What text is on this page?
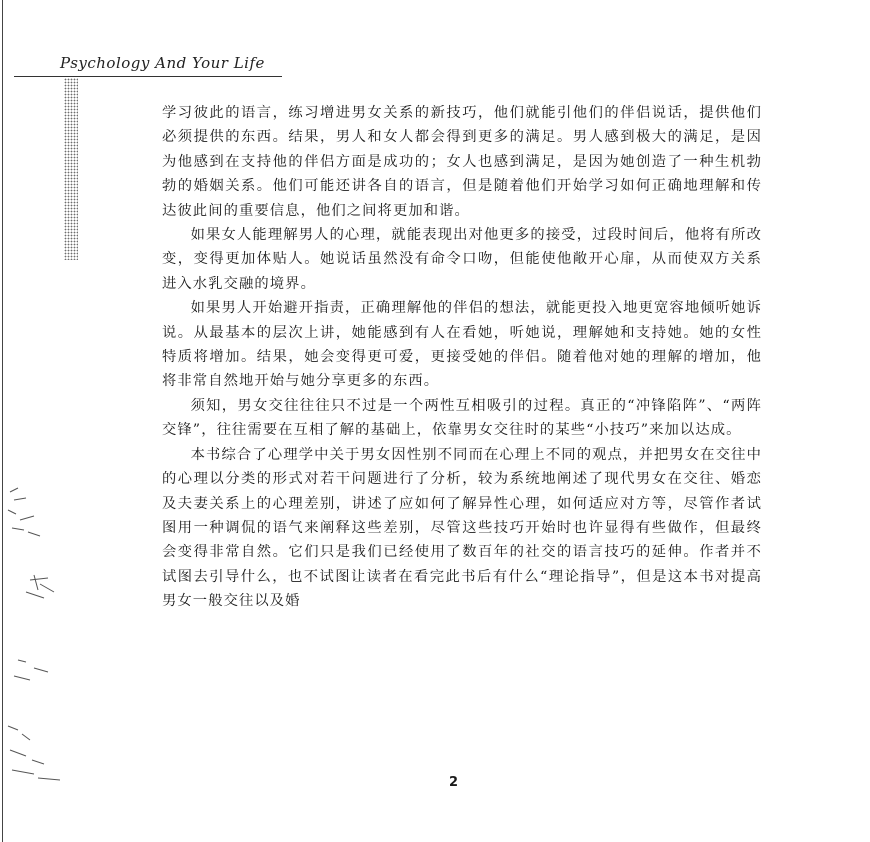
Psychology And Your Life

学习彼此的语言，练习增进男女关系的新技巧，他们就能引他们的伴侣说话，提供他们必须提供的东西。结果，男人和女人都会得到更多的满足。男人感到极大的满足，是因为他感到在支持他的伴侣方面是成功的；女人也感到满足，是因为她创造了一种生机勃勃的婚姻关系。他们可能还讲各自的语言，但是随着他们开始学习如何正确地理解和传达彼此间的重要信息，他们之间将更加和谐。

如果女人能理解男人的心理，就能表现出对他更多的接受，过段时间后，他将有所改变，变得更加体贴人。她说话虽然没有命令口吻，但能使他敞开心扉，从而使双方关系进入水乳交融的境界。

如果男人开始避开指责，正确理解他的伴侣的想法，就能更投入地更宽容地倾听她诉说。从最基本的层次上讲，她能感到有人在看她，听她说，理解她和支持她。她的女性特质将增加。结果，她会变得更可爱，更接受她的伴侣。随着他对她的理解的增加，他将非常自然地开始与她分享更多的东西。

须知，男女交往往往只不过是一个两性互相吸引的过程。真正的“冲锋陷阵”、“两阵交锋”，往往需要在互相了解的基础上，依靠男女交往时的某些“小技巧”来加以达成。

本书综合了心理学中关于男女因性别不同而在心理上不同的观点，并把男女在交往中的心理以分类的形式对若干问题进行了分析，较为系统地阐述了现代男女在交往、婚恋及夫妻关系上的心理差别，讲述了应如何了解异性心理，如何适应对方等，尽管作者试图用一种调侃的语气来阐释这些差别，尽管这些技巧开始时也许显得有些做作，但最终会变得非常自然。它们只是我们已经使用了数百年的社交的语言技巧的延伸。作者并不试图去引导什么，也不试图让读者在看完此书后有什么“理论指导”，但是这本书对提高男女一般交往以及婚

2
